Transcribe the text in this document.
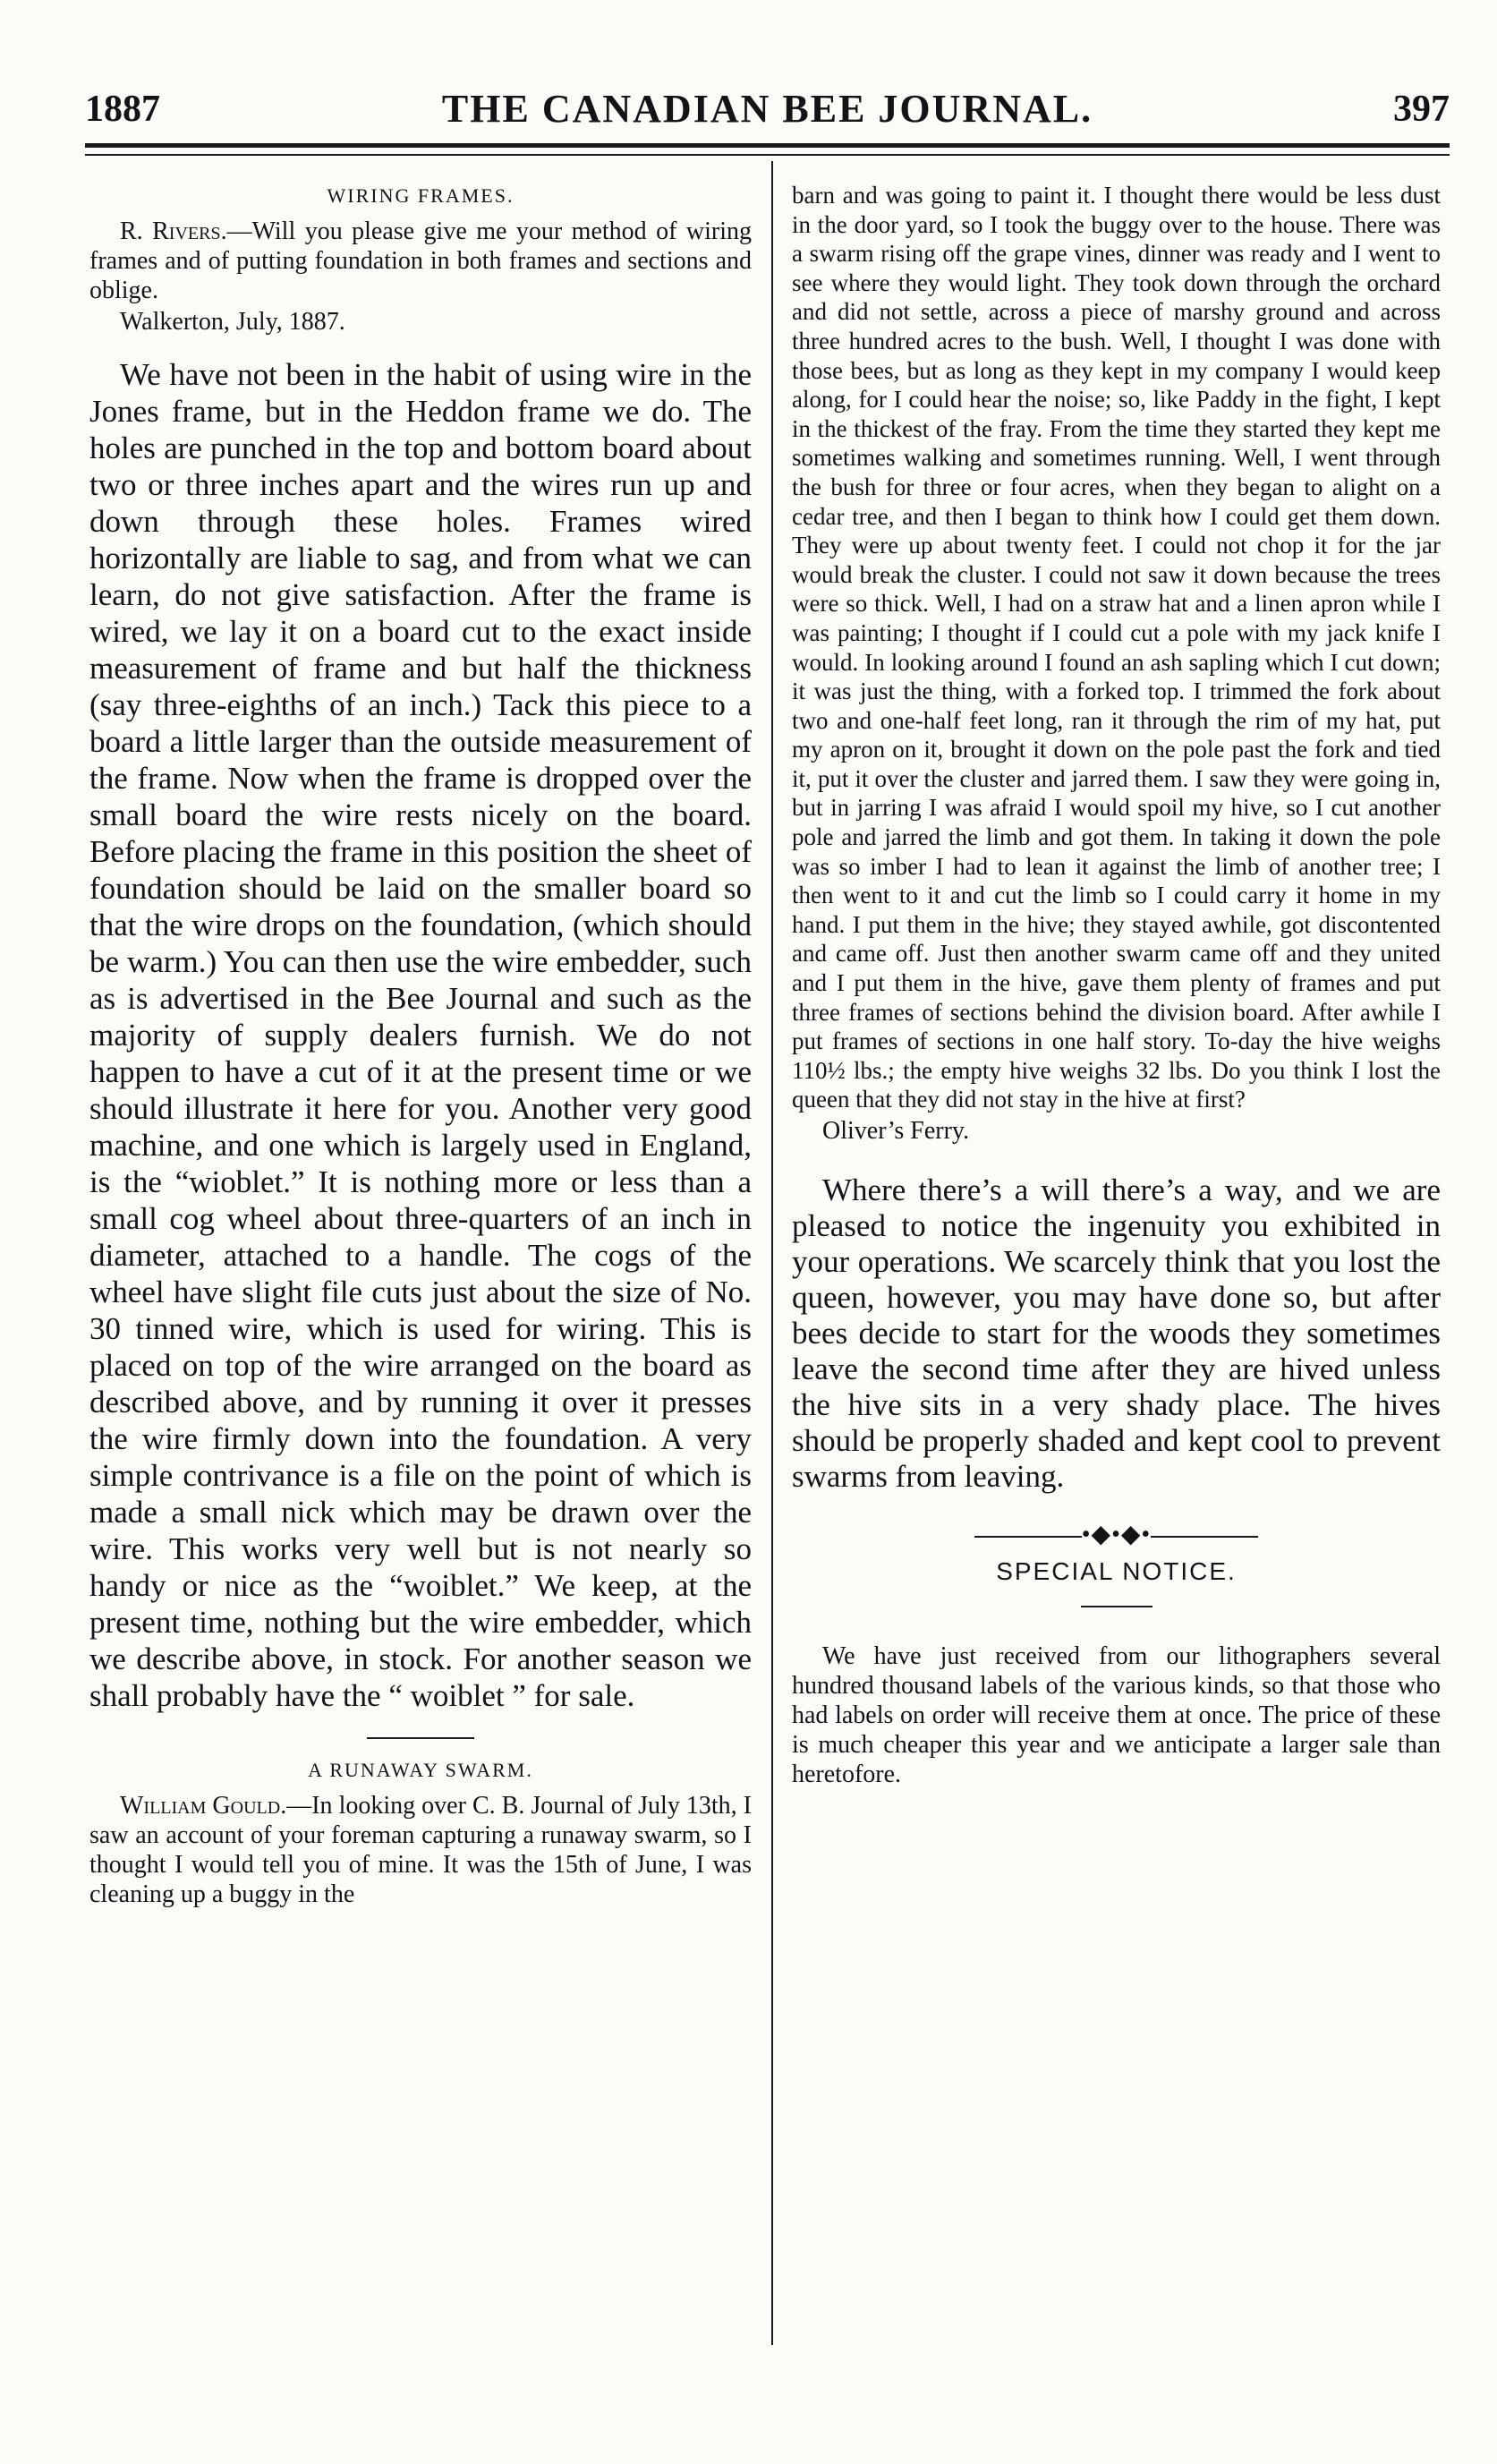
1887	THE CANADIAN BEE JOURNAL.	397
WIRING FRAMES.

R. Rivers.—Will you please give me your method of wiring frames and of putting foundation in both frames and sections and oblige.

Walkerton, July, 1887.

We have not been in the habit of using wire in the Jones frame, but in the Heddon frame we do. The holes are punched in the top and bottom board about two or three inches apart and the wires run up and down through these holes. Frames wired horizontally are liable to sag, and from what we can learn, do not give satisfaction. After the frame is wired, we lay it on a board cut to the exact inside measurement of frame and but half the thickness (say three-eighths of an inch.) Tack this piece to a board a little larger than the outside measurement of the frame. Now when the frame is dropped over the small board the wire rests nicely on the board. Before placing the frame in this position the sheet of foundation should be laid on the smaller board so that the wire drops on the foundation, (which should be warm.) You can then use the wire embedder, such as is advertised in the Bee Journal and such as the majority of supply dealers furnish. We do not happen to have a cut of it at the present time or we should illustrate it here for you. Another very good machine, and one which is largely used in England, is the “wioblet.” It is nothing more or less than a small cog wheel about three-quarters of an inch in diameter, attached to a handle. The cogs of the wheel have slight file cuts just about the size of No. 30 tinned wire, which is used for wiring. This is placed on top of the wire arranged on the board as described above, and by running it over it presses the wire firmly down into the foundation. A very simple contrivance is a file on the point of which is made a small nick which may be drawn over the wire. This works very well but is not nearly so handy or nice as the “woiblet.” We keep, at the present time, nothing but the wire embedder, which we describe above, in stock. For another season we shall probably have the “ woiblet ” for sale.

A RUNAWAY SWARM.

William Gould.—In looking over C. B. Journal of July 13th, I saw an account of your foreman capturing a runaway swarm, so I thought I would tell you of mine. It was the 15th of June, I was cleaning up a buggy in the

barn and was going to paint it. I thought there would be less dust in the door yard, so I took the buggy over to the house. There was a swarm rising off the grape vines, dinner was ready and I went to see where they would light. They took down through the orchard and did not settle, across a piece of marshy ground and across three hundred acres to the bush. Well, I thought I was done with those bees, but as long as they kept in my company I would keep along, for I could hear the noise; so, like Paddy in the fight, I kept in the thickest of the fray. From the time they started they kept me sometimes walking and sometimes running. Well, I went through the bush for three or four acres, when they began to alight on a cedar tree, and then I began to think how I could get them down. They were up about twenty feet. I could not chop it for the jar would break the cluster. I could not saw it down because the trees were so thick. Well, I had on a straw hat and a linen apron while I was painting; I thought if I could cut a pole with my jack knife I would. In looking around I found an ash sapling which I cut down; it was just the thing, with a forked top. I trimmed the fork about two and one-half feet long, ran it through the rim of my hat, put my apron on it, brought it down on the pole past the fork and tied it, put it over the cluster and jarred them. I saw they were going in, but in jarring I was afraid I would spoil my hive, so I cut another pole and jarred the limb and got them. In taking it down the pole was so imber I had to lean it against the limb of another tree; I then went to it and cut the limb so I could carry it home in my hand. I put them in the hive; they stayed awhile, got discontented and came off. Just then another swarm came off and they united and I put them in the hive, gave them plenty of frames and put three frames of sections behind the division board. After awhile I put frames of sections in one half story. To-day the hive weighs 110½ lbs.; the empty hive weighs 32 lbs. Do you think I lost the queen that they did not stay in the hive at first?

Oliver’s Ferry.

Where there’s a will there’s a way, and we are pleased to notice the ingenuity you exhibited in your operations. We scarcely think that you lost the queen, however, you may have done so, but after bees decide to start for the woods they sometimes leave the second time after they are hived unless the hive sits in a very shady place. The hives should be properly shaded and kept cool to prevent swarms from leaving.

•◆•◆•
SPECIAL NOTICE.

We have just received from our lithographers several hundred thousand labels of the various kinds, so that those who had labels on order will receive them at once. The price of these is much cheaper this year and we anticipate a larger sale than heretofore.
